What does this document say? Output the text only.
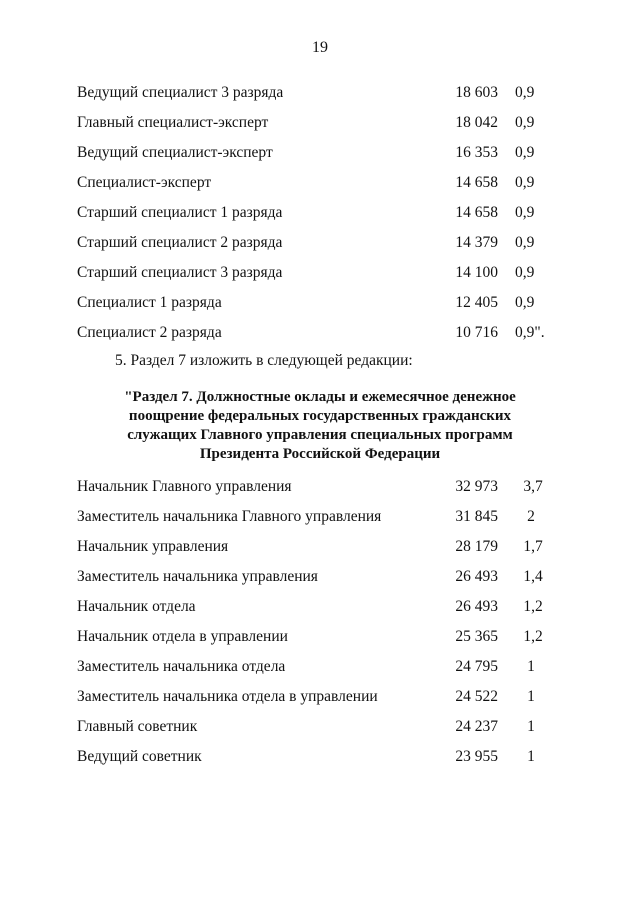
19
Ведущий специалист 3 разряда	18 603 0,9
Главный специалист-эксперт	18 042 0,9
Ведущий специалист-эксперт	16 353 0,9
Специалист-эксперт	14 658 0,9
Старший специалист 1 разряда	14 658 0,9
Старший специалист 2 разряда	14 379 0,9
Старший специалист 3 разряда	14 100 0,9
Специалист 1 разряда	12 405 0,9
Специалист 2 разряда	10 716 0,9".
5. Раздел 7 изложить в следующей редакции:
"Раздел 7. Должностные оклады и ежемесячное денежное
поощрение федеральных государственных гражданских
служащих Главного управления специальных программ
Президента Российской Федерации
Начальник Главного управления	32 973	3,7
Заместитель начальника Главного управления	31 845 2
Начальник управления	28 179	1,7
Заместитель начальника управления	26 493	1,4
Начальник отдела	26 493	1,2
Начальник отдела в управлении	25 365	1,2
Заместитель начальника отдела	24 795 1
Заместитель начальника отдела в управлении	24 522 1
Главный советник	24 237 1
Ведущий советник	23 955 1
